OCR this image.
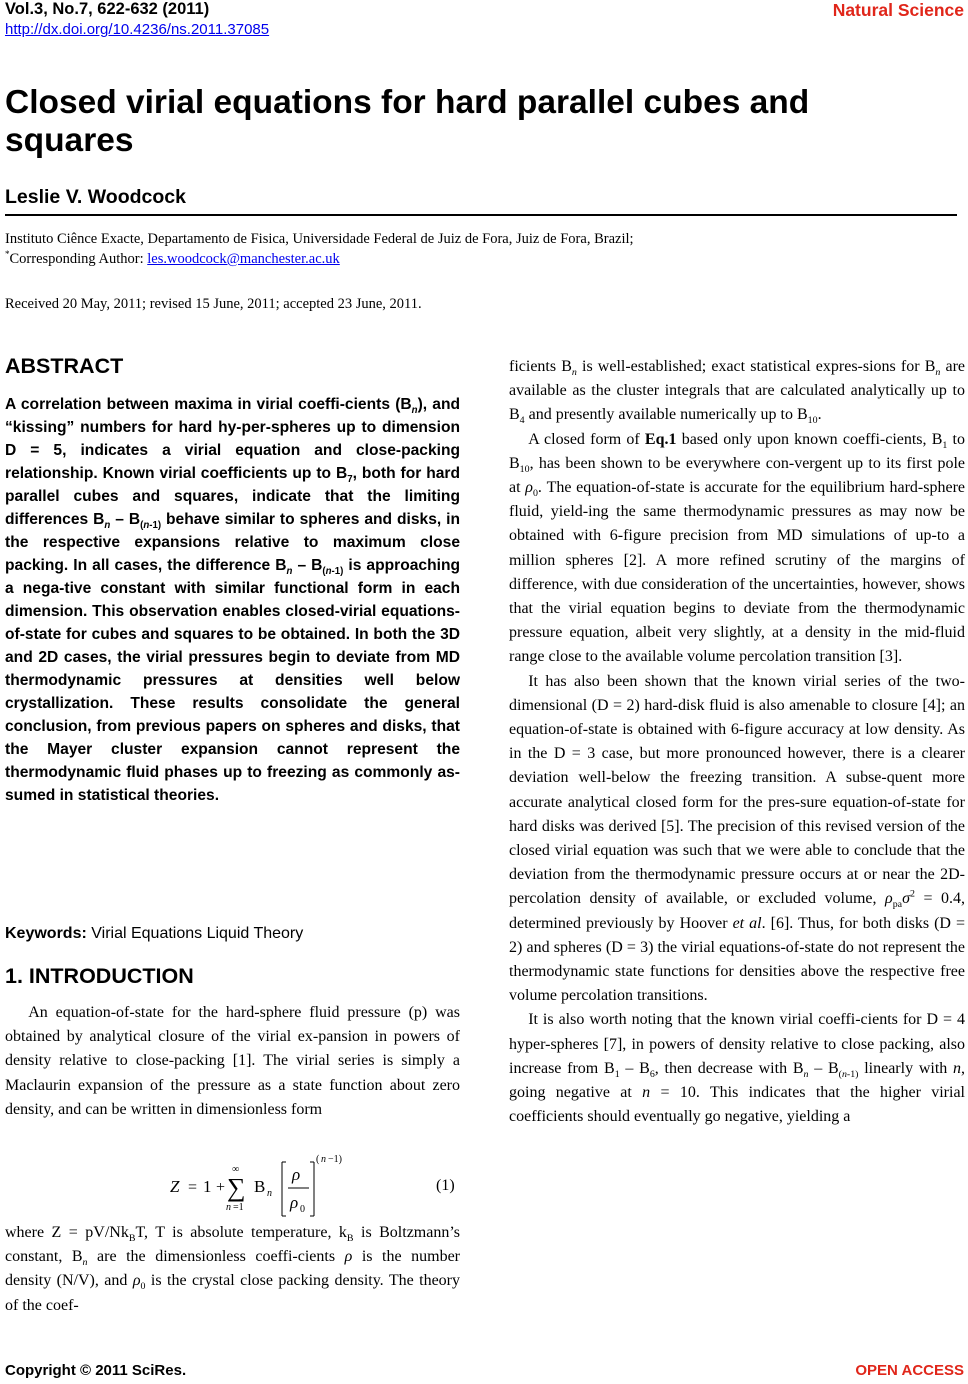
Vol.3, No.7, 622-632 (2011)
http://dx.doi.org/10.4236/ns.2011.37085
Natural Science
Closed virial equations for hard parallel cubes and squares
Leslie V. Woodcock
Instituto Ciênce Exacte, Departamento de Fisica, Universidade Federal de Juiz de Fora, Juiz de Fora, Brazil;
*Corresponding Author: les.woodcock@manchester.ac.uk
Received 20 May, 2011; revised 15 June, 2011; accepted 23 June, 2011.
ABSTRACT
A correlation between maxima in virial coeffi-cients $(B_n)$, and “kissing” numbers for hard hy-per-spheres up to dimension D = 5, indicates a virial equation and close-packing relationship. Known virial coefficients up to $B_7$, both for hard parallel cubes and squares, indicate that the limiting differences $B_n - B_{(n-1)}$ behave similar to spheres and disks, in the respective expansions relative to maximum close packing. In all cases, the difference $B_n - B_{(n-1)}$ is approaching a nega-tive constant with similar functional form in each dimension. This observation enables closed-virial equations-of-state for cubes and squares to be obtained. In both the 3D and 2D cases, the virial pressures begin to deviate from MD thermodynamic pressures at densities well below crystallization. These results consolidate the general conclusion, from previous papers on spheres and disks, that the Mayer cluster expansion cannot represent the thermodynamic fluid phases up to freezing as commonly as-sumed in statistical theories.
Keywords: Virial Equations Liquid Theory
1. INTRODUCTION

An equation-of-state for the hard-sphere fluid pressure (p) was obtained by analytical closure of the virial ex-pansion in powers of density relative to close-packing [1]. The virial series is simply a Maclaurin expansion of the pressure as a state function about zero density, and can be written in dimensionless form

Z = 1 +
∞
∑
n =1
B n
ρ
ρ 0
( n −1)
(1)
where $Z = pV/Nk_BT$, T is absolute temperature, $k_B$ is Boltzmann’s constant, $B_n$ are the dimensionless coeffi-cients ρ is the number density (N/V), and $\rho_0$ is the crystal close packing density. The theory of the coef-

ficients $B_n$ is well-established; exact statistical expres-sions for $B_n$ are available as the cluster integrals that are calculated analytically up to $B_4$ and presently available numerically up to $B_{10}$.

A closed form of Eq.1 based only upon known coeffi-cients, $B_1$ to $B_{10}$, has been shown to be everywhere con-vergent up to its first pole at $\rho_0$. The equation-of-state is accurate for the equilibrium hard-sphere fluid, yield-ing the same thermodynamic pressures as may now be obtained with 6-figure precision from MD simulations of up-to a million spheres [2]. A more refined scrutiny of the margins of difference, with due consideration of the uncertainties, however, shows that the virial equation begins to deviate from the thermodynamic pressure equation, albeit very slightly, at a density in the mid-fluid range close to the available volume percolation transition [3].

It has also been shown that the known virial series of the two-dimensional (D = 2) hard-disk fluid is also amenable to closure [4]; an equation-of-state is obtained with 6-figure accuracy at low density. As in the D = 3 case, but more pronounced however, there is a clearer deviation well-below the freezing transition. A subse-quent more accurate analytical closed form for the pres-sure equation-of-state for hard disks was derived [5]. The precision of this revised version of the closed virial equation was such that we were able to conclude that the deviation from the thermodynamic pressure occurs at or near the 2D-percolation density of available, or excluded volume, $\rho_{pa}\sigma^2 = 0.4$, determined previously by Hoover et al. [6]. Thus, for both disks (D = 2) and spheres (D = 3) the virial equations-of-state do not represent the thermodynamic state functions for densities above the respective free volume percolation transitions.

It is also worth noting that the known virial coeffi-cients for D = 4 hyper-spheres [7], in powers of density relative to close packing, also increase from $B_1 - B_6$, then decrease with $B_n - B_{(n-1)}$ linearly with n, going negative at n = 10. This indicates that the higher virial coefficients should eventually go negative, yielding a

Copyright © 2011 SciRes.	OPEN ACCESS
